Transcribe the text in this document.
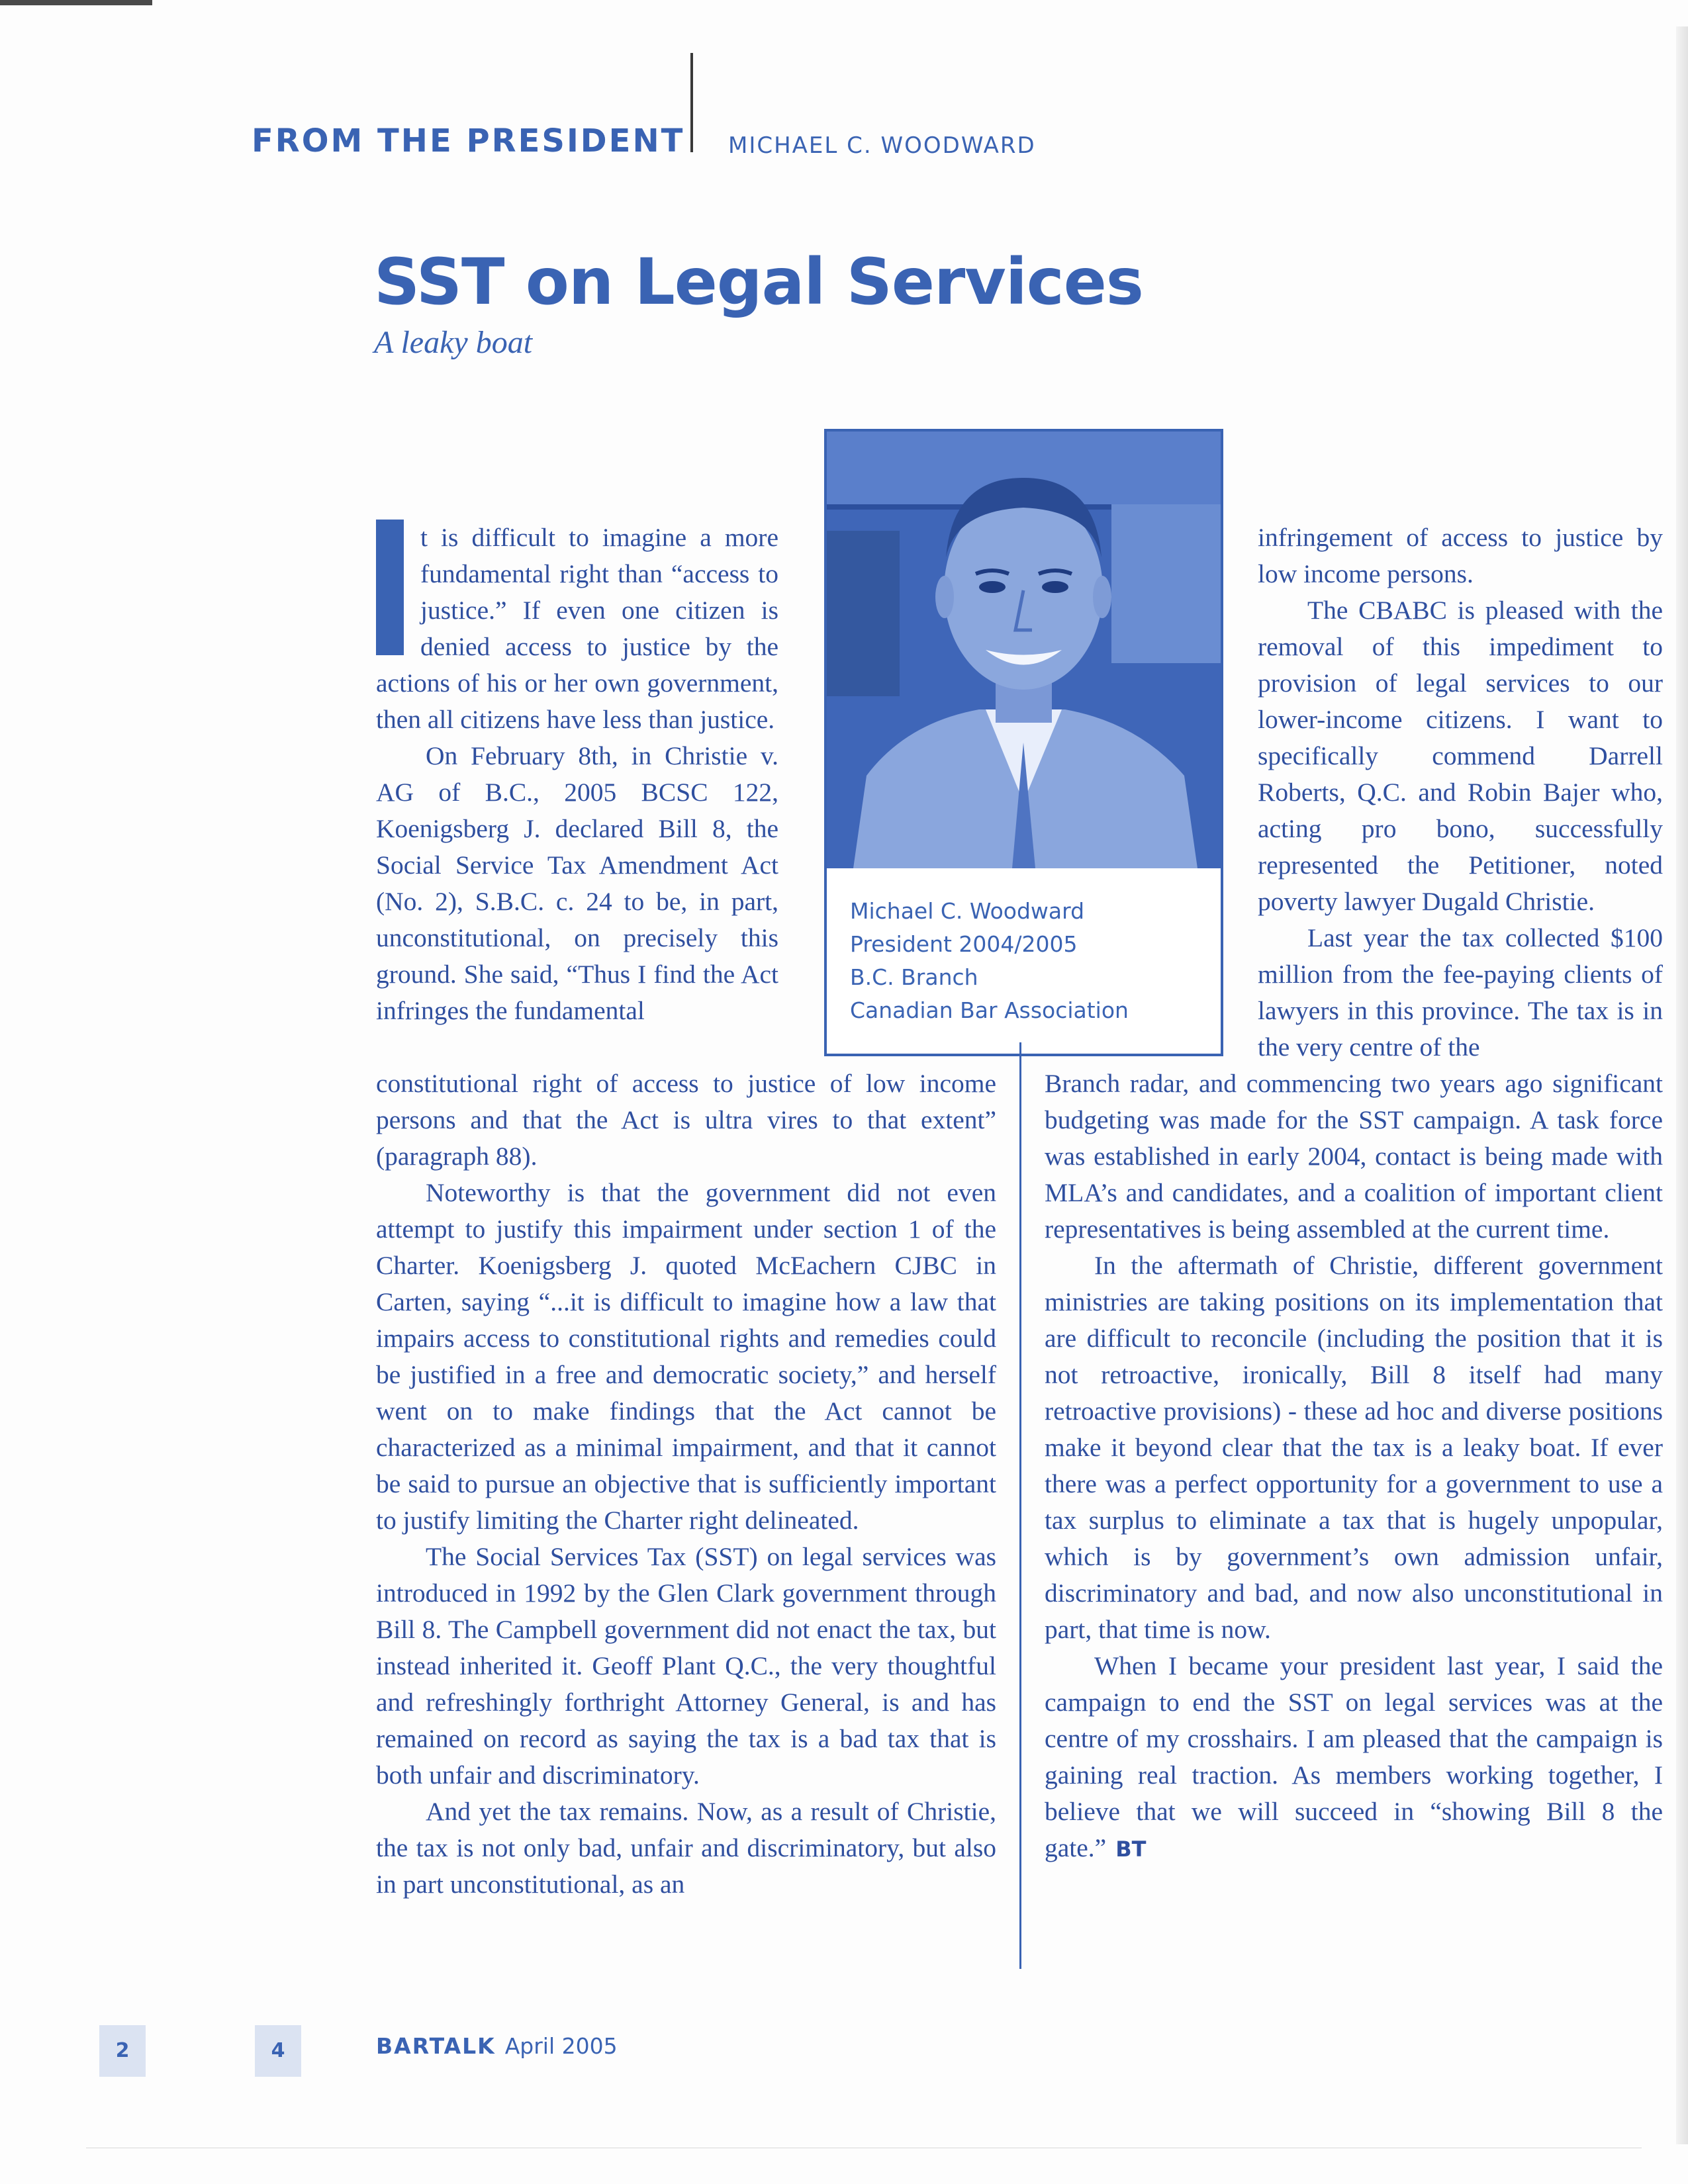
FROM THE PRESIDENT MICHAEL C. WOODWARD
SST on Legal Services
A leaky boat

t is difficult to imagine a more fundamental right than “access to justice.” If even one citizen is denied access to justice by the actions of his or her own government, then all citizens have less than justice.

On February 8th, in Christie v. AG of B.C., 2005 BCSC 122, Koenigsberg J. declared Bill 8, the Social Service Tax Amendment Act (No. 2), S.B.C. c. 24 to be, in part, unconstitutional, on precisely this ground. She said, “Thus I find the Act infringes the fundamental

constitutional right of access to justice of low income persons and that the Act is ultra vires to that extent” (paragraph 88).

Noteworthy is that the government did not even attempt to justify this impairment under section 1 of the Charter. Koenigsberg J. quoted McEachern CJBC in Carten, saying “...it is difficult to imagine how a law that impairs access to constitutional rights and remedies could be justified in a free and democratic society,” and herself went on to make findings that the Act cannot be characterized as a minimal impairment, and that it cannot be said to pursue an objective that is sufficiently important to justify limiting the Charter right delineated.

The Social Services Tax (SST) on legal services was introduced in 1992 by the Glen Clark government through Bill 8. The Campbell government did not enact the tax, but instead inherited it. Geoff Plant Q.C., the very thoughtful and refreshingly forthright Attorney General, is and has remained on record as saying the tax is a bad tax that is both unfair and discriminatory.

And yet the tax remains. Now, as a result of Christie, the tax is not only bad, unfair and discriminatory, but also in part unconstitutional, as an

Michael C. Woodward
President 2004/2005
B.C. Branch
Canadian Bar Association

infringement of access to justice by low income persons.

The CBABC is pleased with the removal of this impediment to provision of legal services to our lower-income citizens. I want to specifically commend Darrell Roberts, Q.C. and Robin Bajer who, acting pro bono, successfully represented the Petitioner, noted poverty lawyer Dugald Christie.

Last year the tax collected $100 million from the fee-paying clients of lawyers in this province. The tax is in the very centre of the

Branch radar, and commencing two years ago significant budgeting was made for the SST campaign. A task force was established in early 2004, contact is being made with MLA’s and candidates, and a coalition of important client representatives is being assembled at the current time.

In the aftermath of Christie, different government ministries are taking positions on its implementation that are difficult to reconcile (including the position that it is not retroactive, ironically, Bill 8 itself had many retroactive provisions) - these ad hoc and diverse positions make it beyond clear that the tax is a leaky boat. If ever there was a perfect opportunity for a government to use a tax surplus to eliminate a tax that is hugely unpopular, which is by government’s own admission unfair, discriminatory and bad, and now also unconstitutional in part, that time is now.

When I became your president last year, I said the campaign to end the SST on legal services was at the centre of my crosshairs. I am pleased that the campaign is gaining real traction. As members working together, I believe that we will succeed in “showing Bill 8 the gate.” BT

2	4	BARTALK April 2005
